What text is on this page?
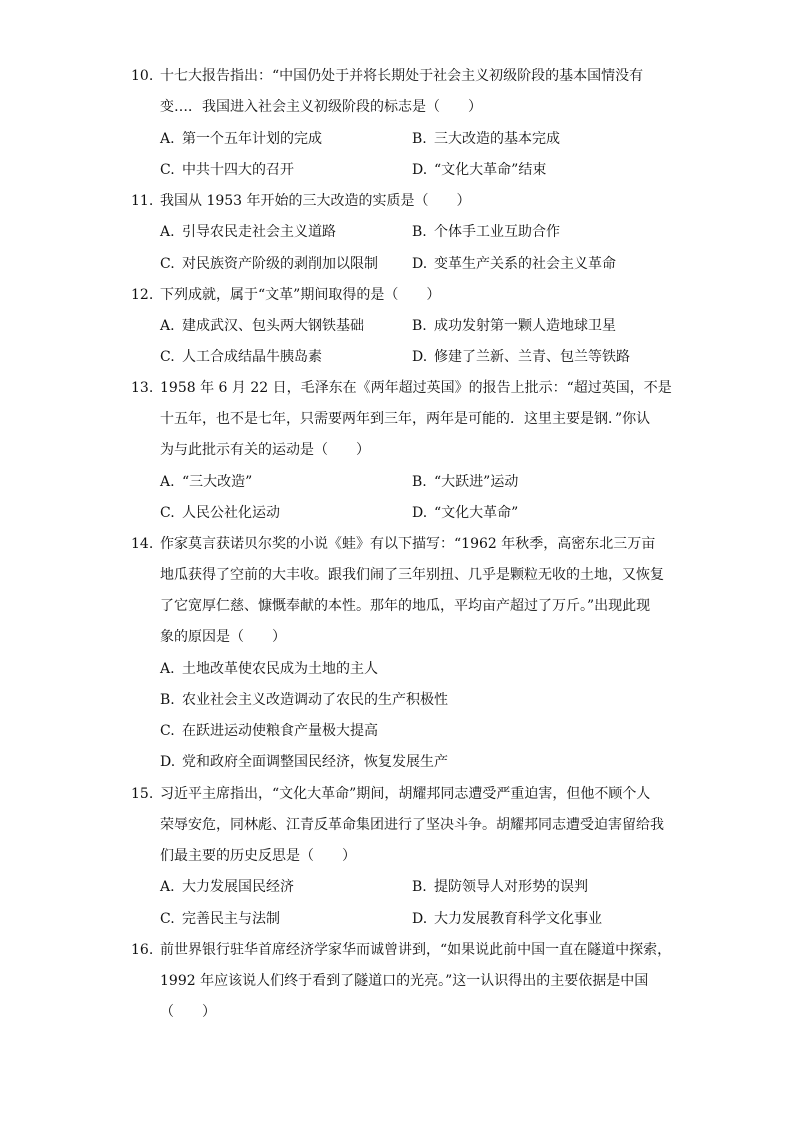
10. 十七大报告指出：“中国仍处于并将长期处于社会主义初级阶段的基本国情没有
变…．我国进入社会主义初级阶段的标志是（　　）
A. 第一个五年计划的完成	B. 三大改造的基本完成
C. 中共十四大的召开	D. “文化大革命”结束
11. 我国从 1953 年开始的三大改造的实质是（　　）
A. 引导农民走社会主义道路	B. 个体手工业互助合作
C. 对民族资产阶级的剥削加以限制 D. 变革生产关系的社会主义革命
12. 下列成就，属于“文革”期间取得的是（　　）
A. 建成武汉、包头两大钢铁基础	B. 成功发射第一颗人造地球卫星
C. 人工合成结晶牛胰岛素	D. 修建了兰新、兰青、包兰等铁路
13. 1958 年 6 月 22 日，毛泽东在《两年超过英国》的报告上批示：“超过英国，不是
十五年，也不是七年，只需要两年到三年，两年是可能的．这里主要是钢．”你认
为与此批示有关的运动是（　　）
A. “三大改造”	B. “大跃进”运动
C. 人民公社化运动	D. “文化大革命”
14. 作家莫言获诺贝尔奖的小说《蛙》有以下描写：“1962 年秋季，高密东北三万亩
地瓜获得了空前的大丰收。跟我们闹了三年别扭、几乎是颗粒无收的土地，又恢复
了它宽厚仁慈、慷慨奉献的本性。那年的地瓜，平均亩产超过了万斤。”出现此现
象的原因是（　　）
A. 土地改革使农民成为土地的主人
B. 农业社会主义改造调动了农民的生产积极性
C. 在跃进运动使粮食产量极大提高
D. 党和政府全面调整国民经济，恢复发展生产
15. 习近平主席指出，“文化大革命”期间，胡耀邦同志遭受严重迫害，但他不顾个人
荣辱安危，同林彪、江青反革命集团进行了坚决斗争。胡耀邦同志遭受迫害留给我
们最主要的历史反思是（　　）
A. 大力发展国民经济	B. 提防领导人对形势的误判
C. 完善民主与法制	D. 大力发展教育科学文化事业
16. 前世界银行驻华首席经济学家华而诚曾讲到，“如果说此前中国一直在隧道中探索，
1992 年应该说人们终于看到了隧道口的光亮。”这一认识得出的主要依据是中国
（　　）
